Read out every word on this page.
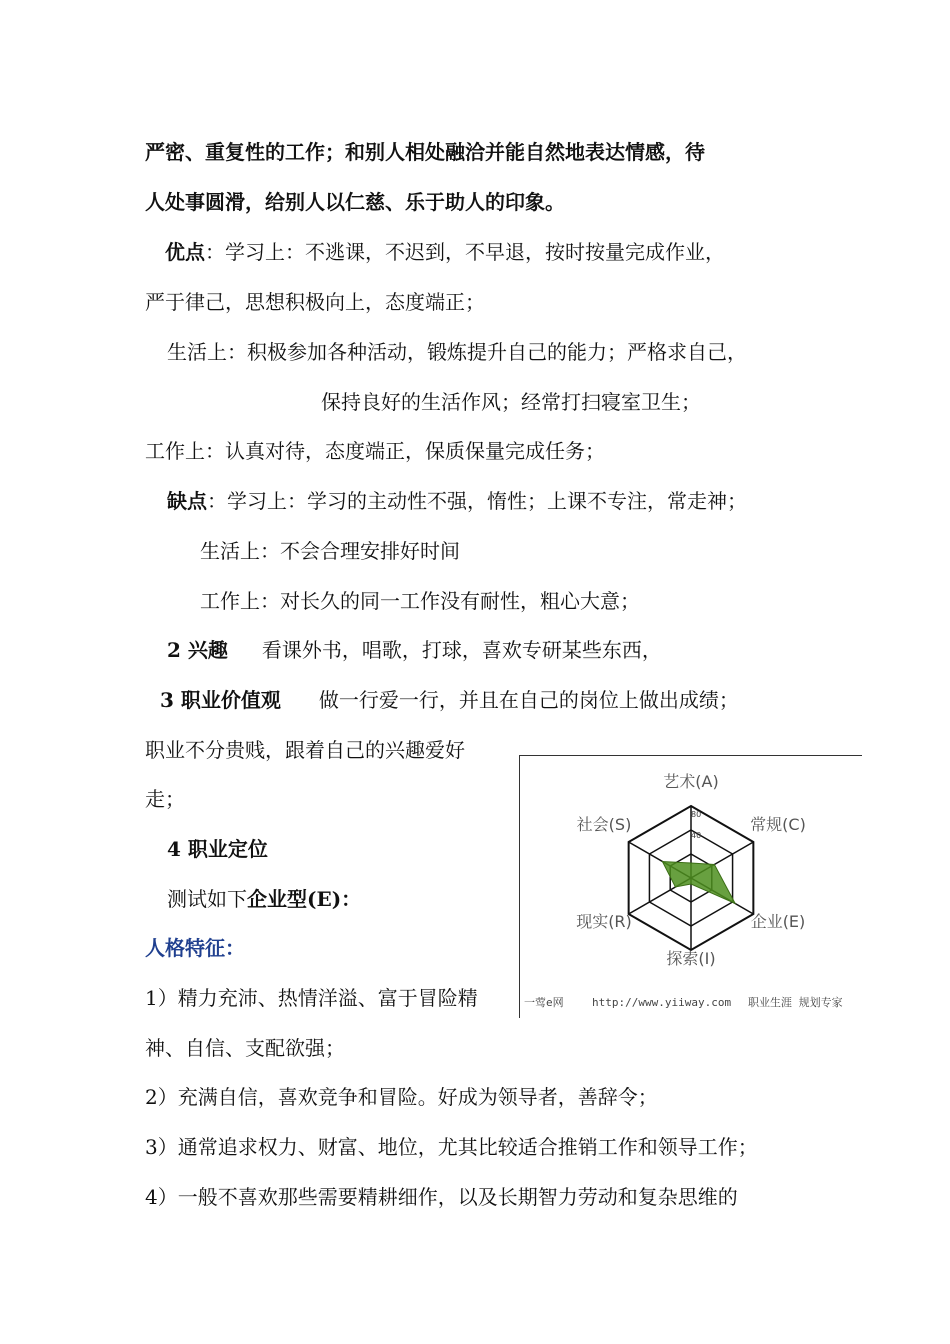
严密、重复性的工作；和别人相处融洽并能自然地表达情感，待
人处事圆滑，给别人以仁慈、乐于助人的印象。
优点：学习上：不逃课，不迟到，不早退，按时按量完成作业，
严于律己，思想积极向上，态度端正；
生活上：积极参加各种活动，锻炼提升自己的能力；严格求自己，
保持良好的生活作风；经常打扫寝室卫生；
工作上：认真对待，态度端正，保质保量完成任务；
缺点：学习上：学习的主动性不强，惰性；上课不专注，常走神；
生活上：不会合理安排好时间
工作上：对长久的同一工作没有耐性，粗心大意；
2 兴趣 看课外书，唱歌，打球，喜欢专研某些东西，
3 职业价值观 做一行爱一行，并且在自己的岗位上做出成绩；
职业不分贵贱，跟着自己的兴趣爱好
走；
4 职业定位
测试如下企业型(E)：
人格特征：
1）精力充沛、热情洋溢、富于冒险精
神、自信、支配欲强；
2）充满自信，喜欢竞争和冒险。好成为领导者，善辞令；
3）通常追求权力、财富、地位，尤其比较适合推销工作和领导工作；
4）一般不喜欢那些需要精耕细作，以及长期智力劳动和复杂思维的
80
40
艺术(A)
常规(C)
企业(E)
探索(I)
现实(R)
社会(S)
一莺e网	http://www.yiiway.com 职业生涯 规划专家
